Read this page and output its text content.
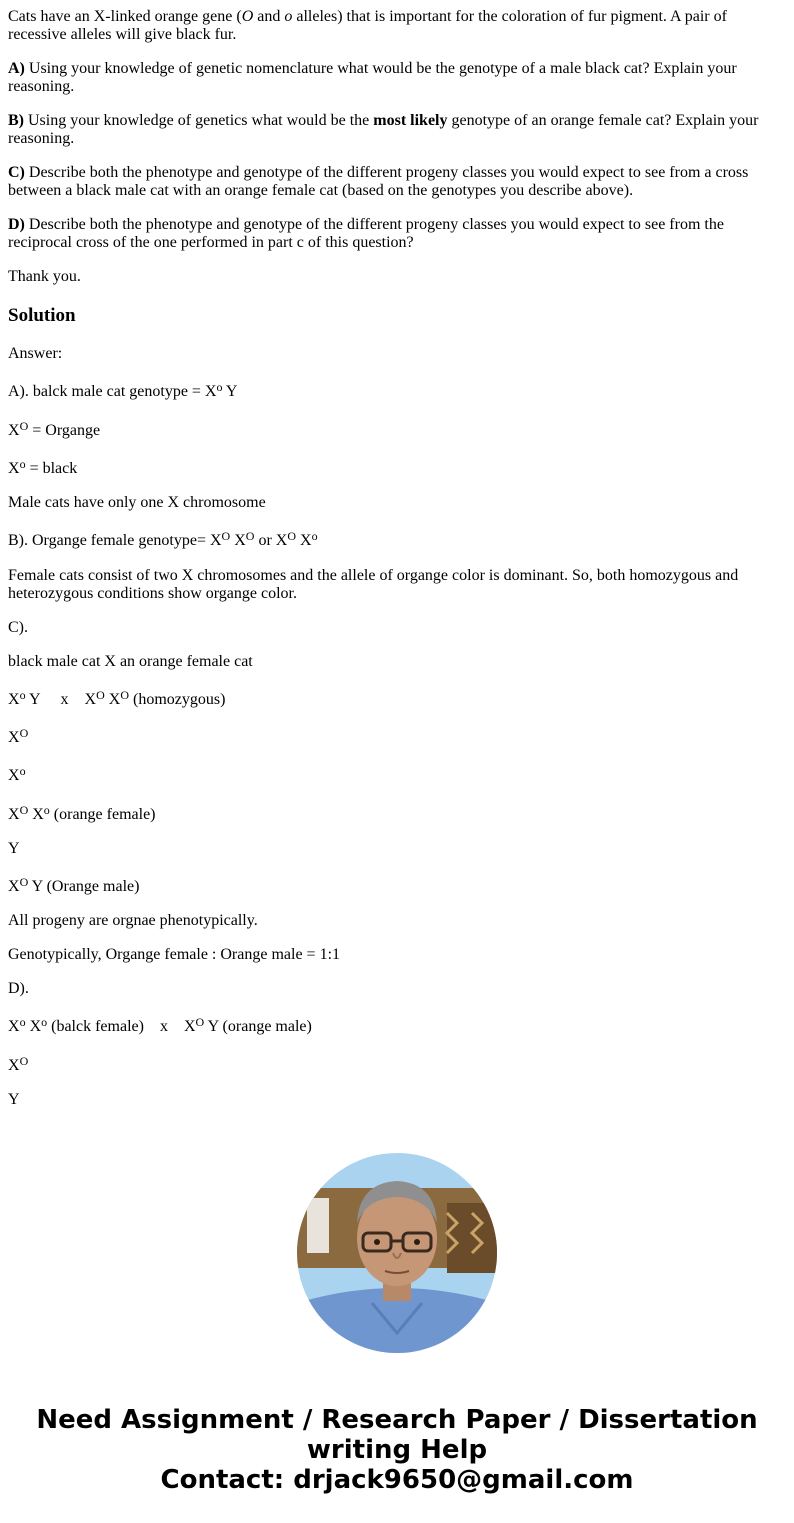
Cats have an X-linked orange gene (O and o alleles) that is important for the coloration of fur pigment. A pair of recessive alleles will give black fur.

A) Using your knowledge of genetic nomenclature what would be the genotype of a male black cat? Explain your reasoning.

B) Using your knowledge of genetics what would be the most likely genotype of an orange female cat? Explain your reasoning.

C) Describe both the phenotype and genotype of the different progeny classes you would expect to see from a cross between a black male cat with an orange female cat (based on the genotypes you describe above).

D) Describe both the phenotype and genotype of the different progeny classes you would expect to see from the reciprocal cross of the one performed in part c of this question?

Thank you.

Solution

Answer:

A). balck male cat genotype = $X^o$ Y

$X^O$ = Organge

$X^o$ = black

Male cats have only one X chromosome

B). Organge female genotype= $X^O$ $X^O$ or $X^O$ $X^o$

Female cats consist of two X chromosomes and the allele of organge color is dominant. So, both homozygous and heterozygous conditions show organge color.

C).

black male cat X an orange female cat

$X^o$ Y x $X^O$ $X^O$ (homozygous)

$X^O$

$X^o$

$X^O$ $X^o$ (orange female)

Y

$X^O$ Y (Orange male)

All progeny are orgnae phenotypically.

Genotypically, Organge female : Orange male = 1:1

D).

$X^o$ $X^o$ (balck female) x $X^O$ Y (orange male)

$X^O$

Y

Need Assignment / Research Paper / Dissertation
writing Help
Contact: drjack9650@gmail.com
